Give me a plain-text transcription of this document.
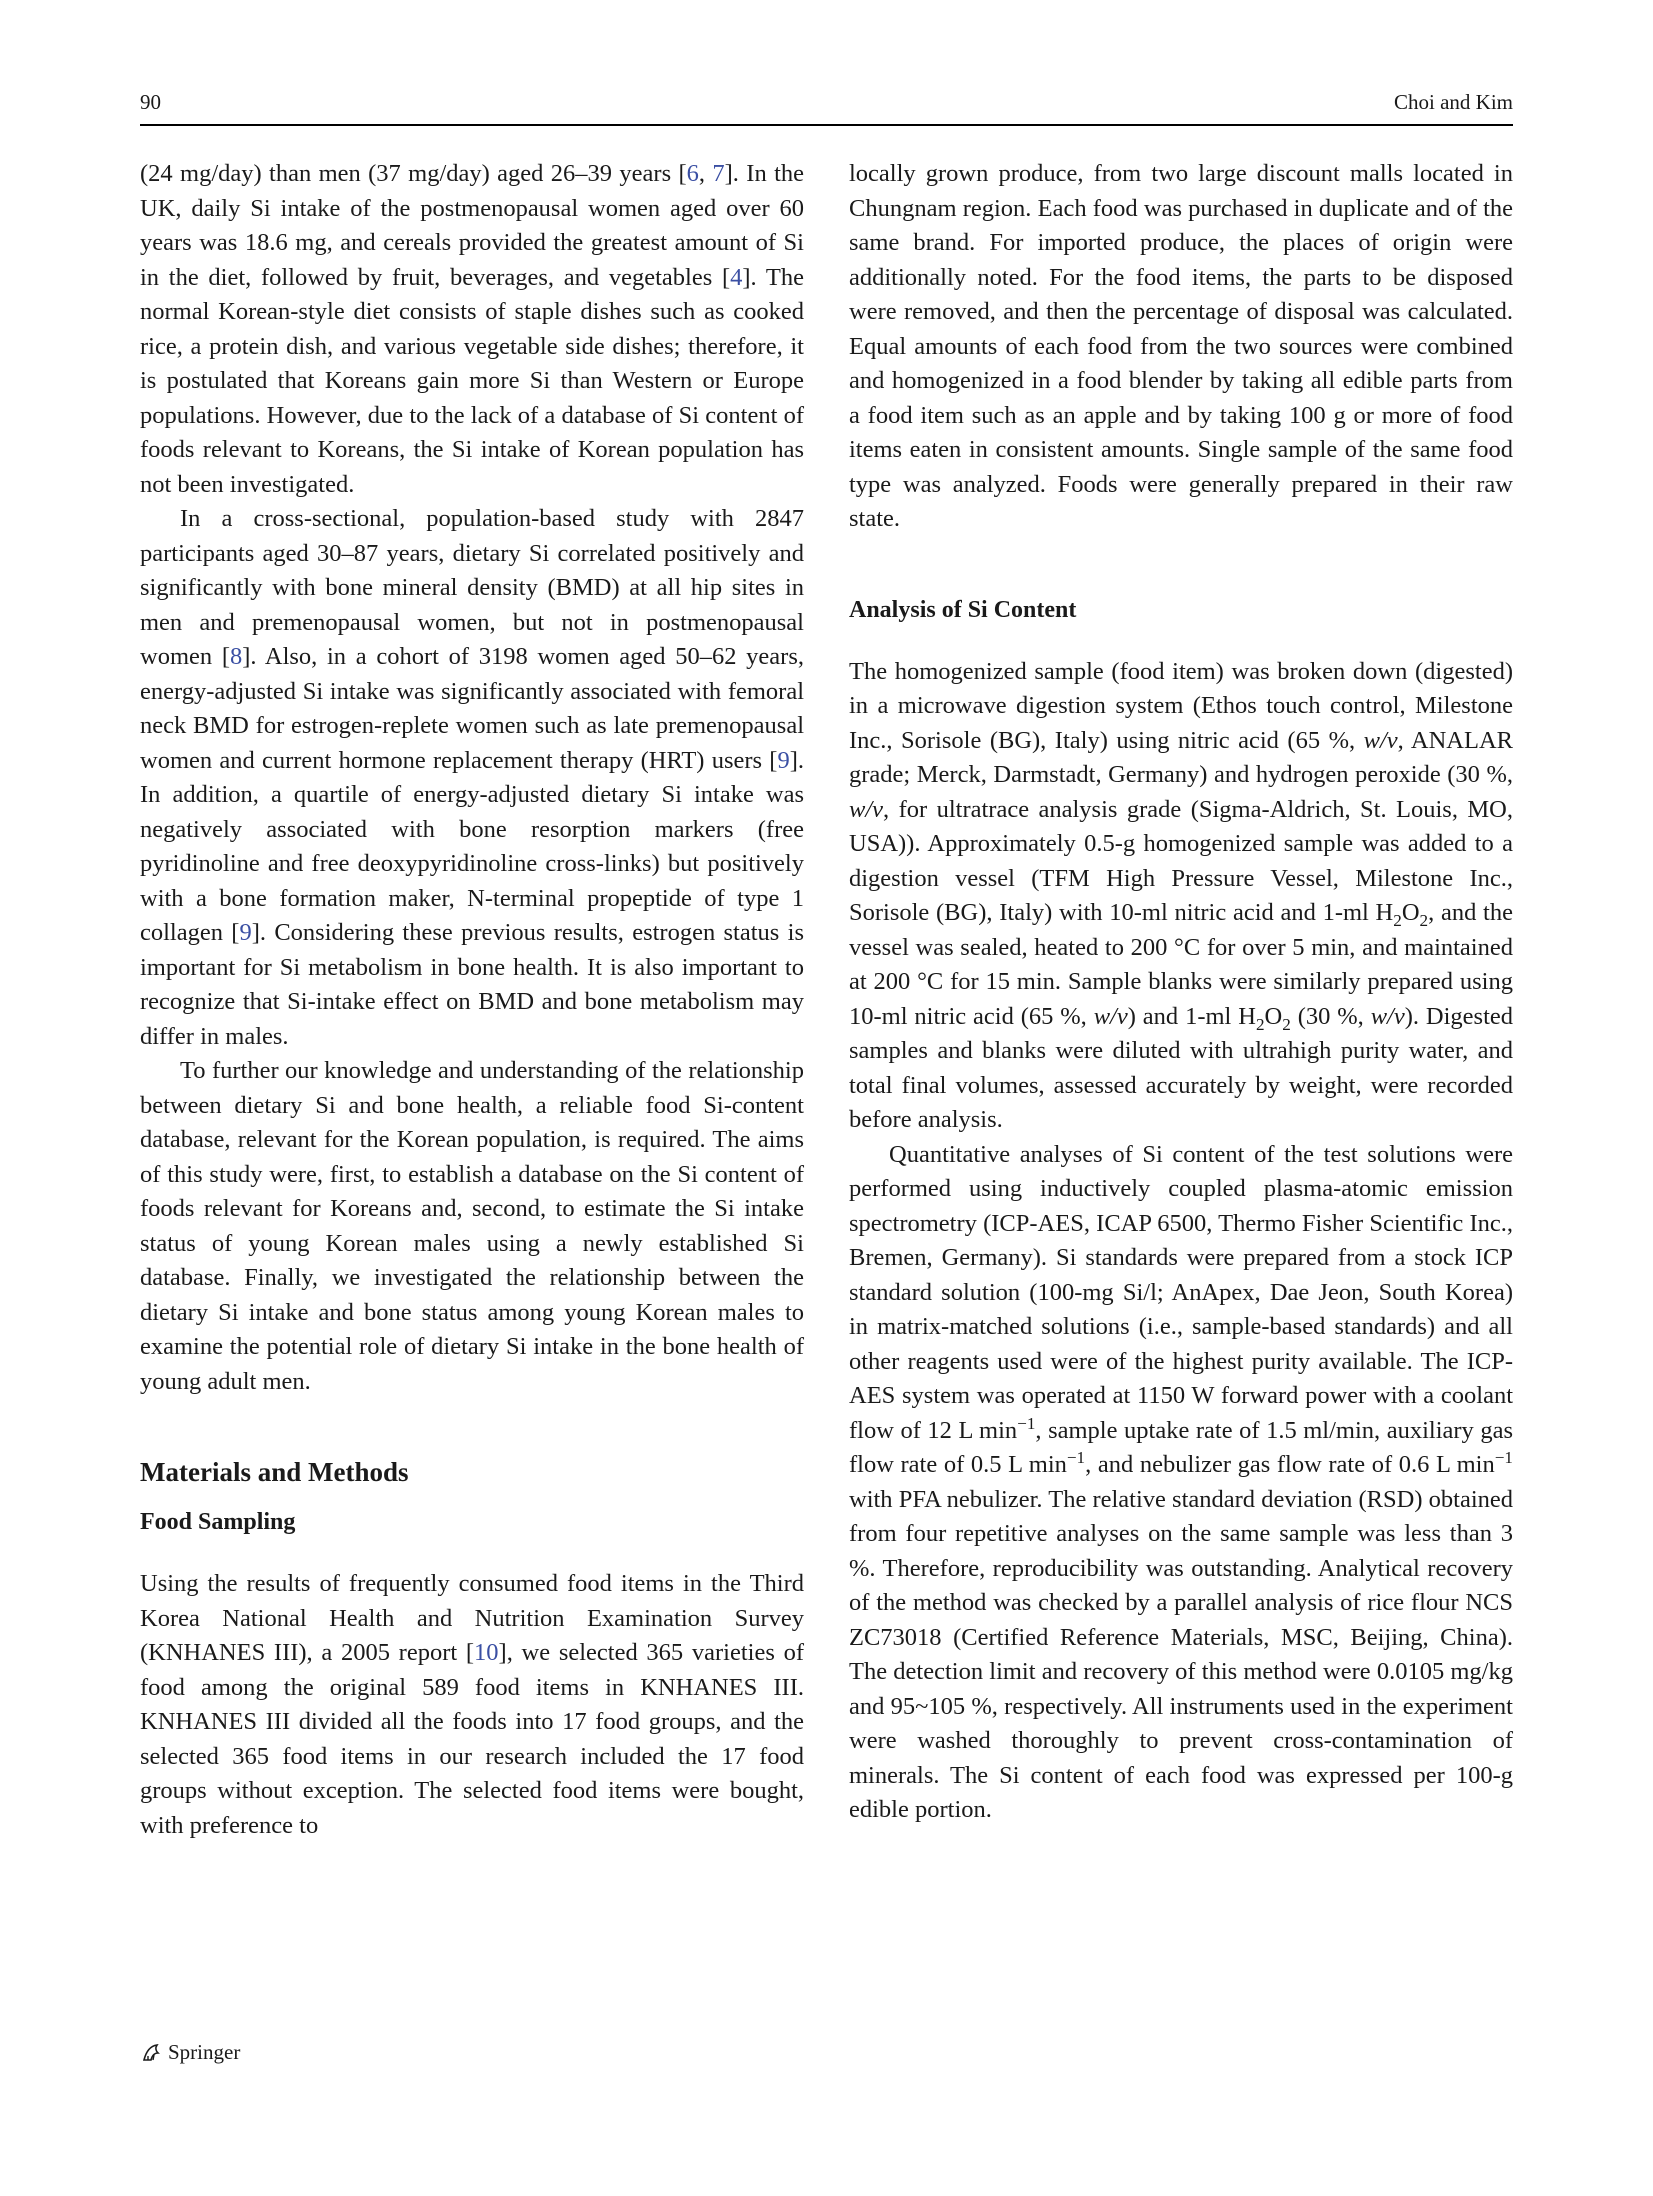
90	Choi and Kim

(24 mg/day) than men (37 mg/day) aged 26–39 years [6, 7]. In the UK, daily Si intake of the postmenopausal women aged over 60 years was 18.6 mg, and cereals provided the greatest amount of Si in the diet, followed by fruit, beverages, and vegetables [4]. The normal Korean-style diet consists of staple dishes such as cooked rice, a protein dish, and various vegetable side dishes; therefore, it is postulated that Koreans gain more Si than Western or Europe populations. However, due to the lack of a database of Si content of foods relevant to Koreans, the Si intake of Korean population has not been investigated.

In a cross-sectional, population-based study with 2847 participants aged 30–87 years, dietary Si correlated positively and significantly with bone mineral density (BMD) at all hip sites in men and premenopausal women, but not in postmenopausal women [8]. Also, in a cohort of 3198 women aged 50–62 years, energy-adjusted Si intake was significantly associated with femoral neck BMD for estrogen-replete women such as late premenopausal women and current hormone replacement therapy (HRT) users [9]. In addition, a quartile of energy-adjusted dietary Si intake was negatively associated with bone resorption markers (free pyridinoline and free deoxypyridinoline cross-links) but positively with a bone formation maker, N-terminal propeptide of type 1 collagen [9]. Considering these previous results, estrogen status is important for Si metabolism in bone health. It is also important to recognize that Si-intake effect on BMD and bone metabolism may differ in males.

To further our knowledge and understanding of the relationship between dietary Si and bone health, a reliable food Si-content database, relevant for the Korean population, is required. The aims of this study were, first, to establish a database on the Si content of foods relevant for Koreans and, second, to estimate the Si intake status of young Korean males using a newly established Si database. Finally, we investigated the relationship between the dietary Si intake and bone status among young Korean males to examine the potential role of dietary Si intake in the bone health of young adult men.

Materials and Methods
Food Sampling

Using the results of frequently consumed food items in the Third Korea National Health and Nutrition Examination Survey (KNHANES III), a 2005 report [10], we selected 365 varieties of food among the original 589 food items in KNHANES III. KNHANES III divided all the foods into 17 food groups, and the selected 365 food items in our research included the 17 food groups without exception. The selected food items were bought, with preference to

locally grown produce, from two large discount malls located in Chungnam region. Each food was purchased in duplicate and of the same brand. For imported produce, the places of origin were additionally noted. For the food items, the parts to be disposed were removed, and then the percentage of disposal was calculated. Equal amounts of each food from the two sources were combined and homogenized in a food blender by taking all edible parts from a food item such as an apple and by taking 100 g or more of food items eaten in consistent amounts. Single sample of the same food type was analyzed. Foods were generally prepared in their raw state.

Analysis of Si Content

The homogenized sample (food item) was broken down (digested) in a microwave digestion system (Ethos touch control, Milestone Inc., Sorisole (BG), Italy) using nitric acid (65 %, w/v, ANALAR grade; Merck, Darmstadt, Germany) and hydrogen peroxide (30 %, w/v, for ultratrace analysis grade (Sigma-Aldrich, St. Louis, MO, USA)). Approximately 0.5-g homogenized sample was added to a digestion vessel (TFM High Pressure Vessel, Milestone Inc., Sorisole (BG), Italy) with 10-ml nitric acid and 1-ml $H_2O_2$, and the vessel was sealed, heated to 200 °C for over 5 min, and maintained at 200 °C for 15 min. Sample blanks were similarly prepared using 10-ml nitric acid (65 %, w/v) and 1-ml $H_2O_2$ (30 %, w/v). Digested samples and blanks were diluted with ultrahigh purity water, and total final volumes, assessed accurately by weight, were recorded before analysis.

Quantitative analyses of Si content of the test solutions were performed using inductively coupled plasma-atomic emission spectrometry (ICP-AES, ICAP 6500, Thermo Fisher Scientific Inc., Bremen, Germany). Si standards were prepared from a stock ICP standard solution (100-mg Si/l; AnApex, Dae Jeon, South Korea) in matrix-matched solutions (i.e., sample-based standards) and all other reagents used were of the highest purity available. The ICP-AES system was operated at 1150 W forward power with a coolant flow of 12 L $\min^{-1}$, sample uptake rate of 1.5 ml/min, auxiliary gas flow rate of 0.5 L $\min^{-1}$, and nebulizer gas flow rate of 0.6 L $\min^{-1}$ with PFA nebulizer. The relative standard deviation (RSD) obtained from four repetitive analyses on the same sample was less than 3 %. Therefore, reproducibility was outstanding. Analytical recovery of the method was checked by a parallel analysis of rice flour NCS ZC73018 (Certified Reference Materials, MSC, Beijing, China). The detection limit and recovery of this method were 0.0105 mg/kg and 95~105 %, respectively. All instruments used in the experiment were washed thoroughly to prevent cross-contamination of minerals. The Si content of each food was expressed per 100-g edible portion.

Springer
